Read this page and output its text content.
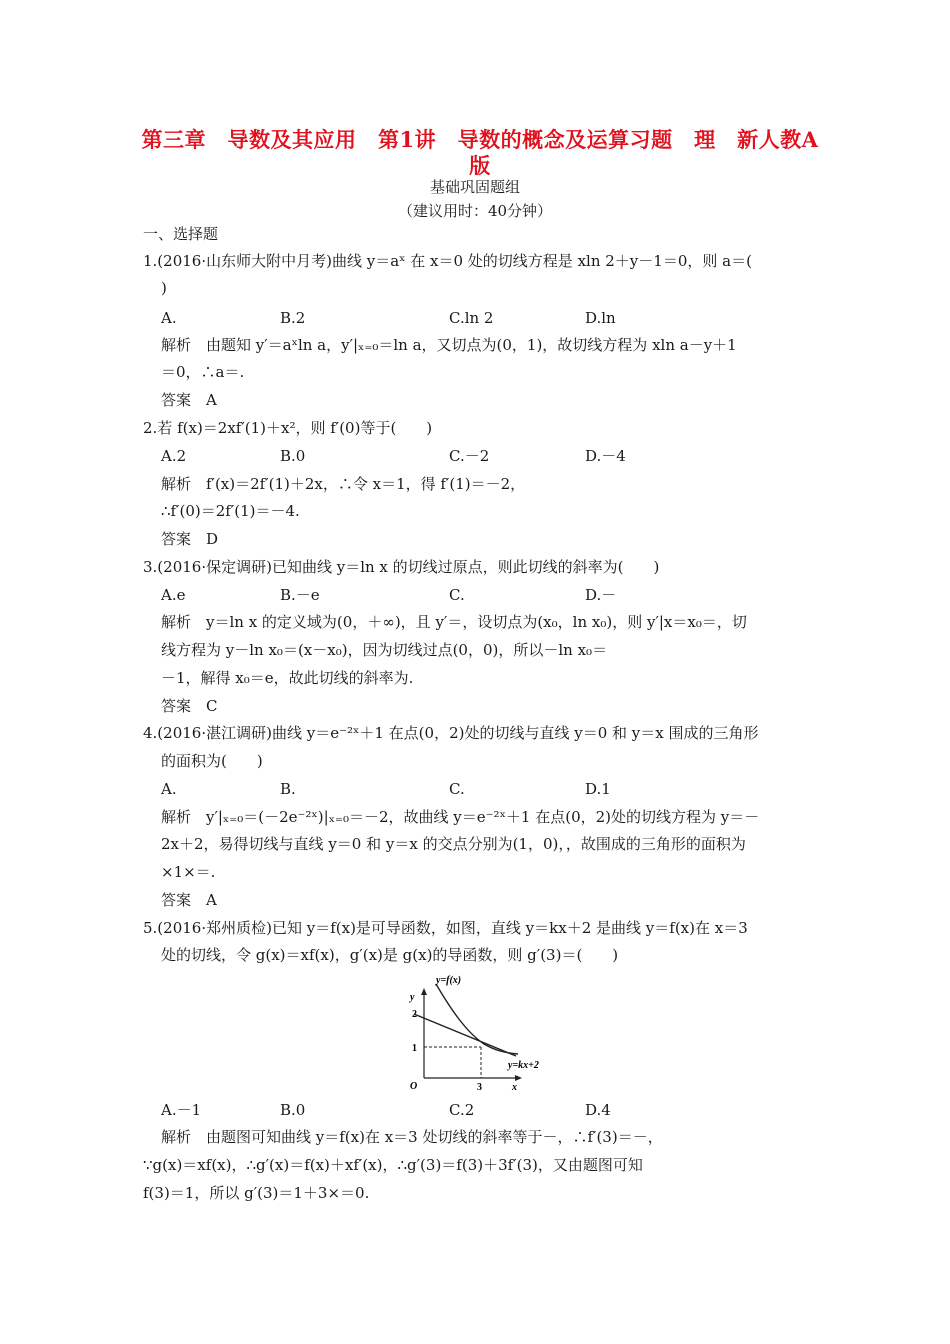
第三章　导数及其应用　第1讲　导数的概念及运算习题　理　新人教A
版
基础巩固题组
（建议用时：40分钟）
一、选择题
1.(2016·山东师大附中月考)曲线 y＝aˣ 在 x＝0 处的切线方程是 xln 2＋y－1＝0，则 a＝(
)
A.	B.2	C.ln 2	D.ln
解析　由题知 y′＝aˣln a，y′|ₓ₌₀＝ln a，又切点为(0，1)，故切线方程为 xln a－y＋1
＝0，∴a＝.
答案　A
2.若 f(x)＝2xf′(1)＋x²，则 f′(0)等于(　　)
A.2	B.0	C.－2	D.－4
解析　f′(x)＝2f′(1)＋2x，∴令 x＝1，得 f′(1)＝－2，
∴f′(0)＝2f′(1)＝－4.
答案　D
3.(2016·保定调研)已知曲线 y＝ln x 的切线过原点，则此切线的斜率为(　　)
A.e	B.－e	C.	D.－
解析　y＝ln x 的定义域为(0，＋∞)，且 y′＝，设切点为(x₀，ln x₀)，则 y′|x＝x₀＝，切
线方程为 y－ln x₀＝(x－x₀)，因为切线过点(0，0)，所以－ln x₀＝
－1，解得 x₀＝e，故此切线的斜率为.
答案　C
4.(2016·湛江调研)曲线 y＝e⁻²ˣ＋1 在点(0，2)处的切线与直线 y＝0 和 y＝x 围成的三角形
的面积为(　　)
A.	B.	C.	D.1
解析　y′|ₓ₌₀＝(－2e⁻²ˣ)|ₓ₌₀＝－2，故曲线 y＝e⁻²ˣ＋1 在点(0，2)处的切线方程为 y＝－
2x＋2，易得切线与直线 y＝0 和 y＝x 的交点分别为(1，0)，，故围成的三角形的面积为
×1×＝.
答案　A
5.(2016·郑州质检)已知 y＝f(x)是可导函数，如图，直线 y＝kx＋2 是曲线 y＝f(x)在 x＝3
处的切线，令 g(x)＝xf(x)，g′(x)是 g(x)的导函数，则 g′(3)＝(　　)
y=f(x)
y=kx+2
y
x
O	3
1
2
A.－1	B.0	C.2	D.4
解析　由题图可知曲线 y＝f(x)在 x＝3 处切线的斜率等于－，∴f′(3)＝－，
∵g(x)＝xf(x)，∴g′(x)＝f(x)＋xf′(x)，∴g′(3)＝f(3)＋3f′(3)，又由题图可知
f(3)＝1，所以 g′(3)＝1＋3×＝0.
